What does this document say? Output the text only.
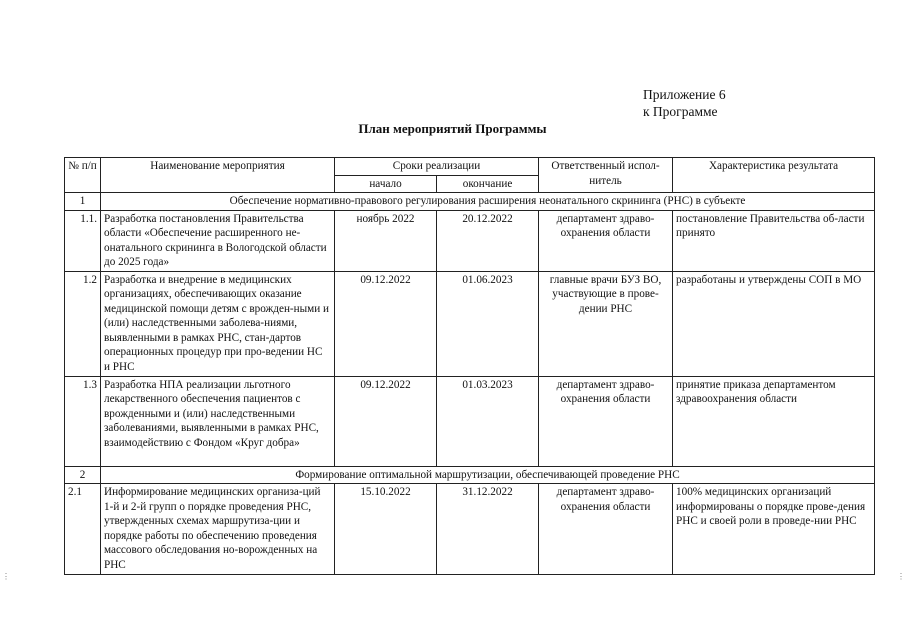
Приложение 6
к Программе
План мероприятий Программы
№ п/п	Наименование мероприятия	Сроки реализации		Ответственный испол-нитель	Характеристика результата
		начало	окончание		
1	Обеспечение нормативно-правового регулирования расширения неонатального скрининга (РНС) в субъекте				
1.1.	Разработка постановления Правительства области «Обеспечение расширенного не-онатального скрининга в Вологодской области до 2025 года»	ноябрь 2022	20.12.2022	департамент здраво-охранения области	постановление Правительства об-ласти принято
1.2	Разработка и внедрение в медицинских организациях, обеспечивающих оказание медицинской помощи детям с врожден-ными и (или) наследственными заболева-ниями, выявленными в рамках РНС, стан-дартов операционных процедур при про-ведении НС и РНС	09.12.2022	01.06.2023	главные врачи БУЗ ВО, участвующие в прове-дении РНС	разработаны и утверждены СОП в МО
1.3	Разработка НПА реализации льготного лекарственного обеспечения пациентов с врожденными и (или) наследственными заболеваниями, выявленными в рамках РНС, взаимодействию с Фондом «Круг добра»	09.12.2022	01.03.2023	департамент здраво-охранения области	принятие приказа департаментом здравоохранения области
2	Формирование оптимальной маршрутизации, обеспечивающей проведение РНС				
2.1	Информирование медицинских организа-ций 1-й и 2-й групп о порядке проведения РНС, утвержденных схемах маршрутиза-ции и порядке работы по обеспечению проведения массового обследования но-ворожденных на РНС	15.10.2022	31.12.2022	департамент здраво-охранения области	100% медицинских организаций информированы о порядке прове-дения РНС и своей роли в проведе-нии РНС
⋮	⋮
